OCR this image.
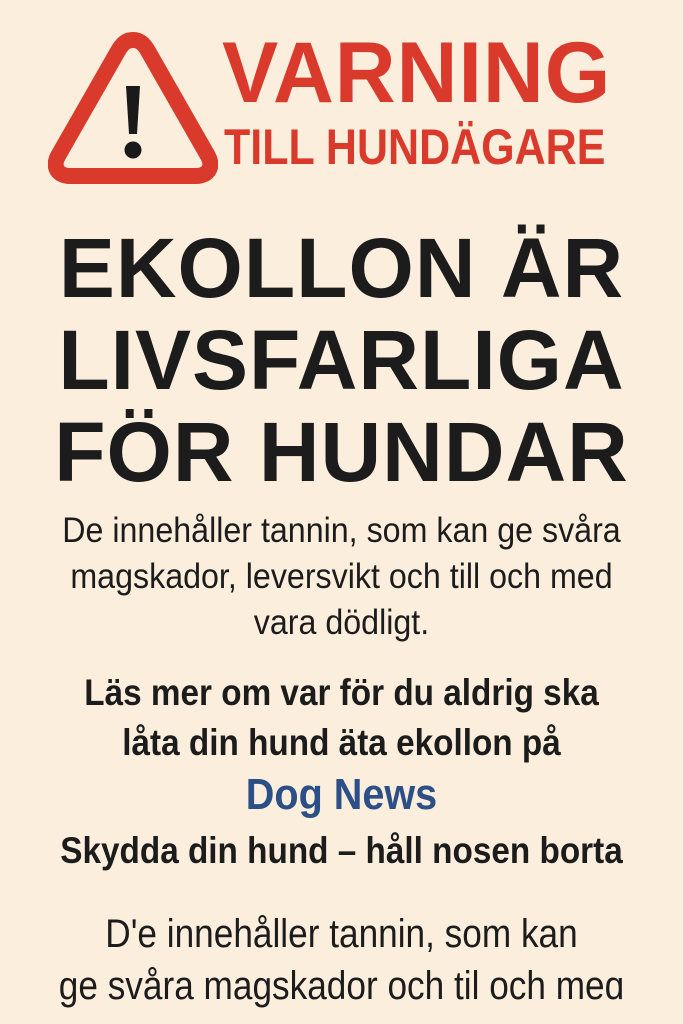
VARNING
TILL HUNDÄGARE
EKOLLON ÄR
LIVSFARLIGA
FÖR HUNDAR
De innehåller tannin, som kan ge svåra
magskador, leversvikt och till och med
vara dödligt.
Läs mer om var för du aldrig ska
låta din hund äta ekollon på
Dog News
Skydda din hund – håll nosen borta
D'e innehåller tannin, som kan
ge svåra magskador och til och meɑ
